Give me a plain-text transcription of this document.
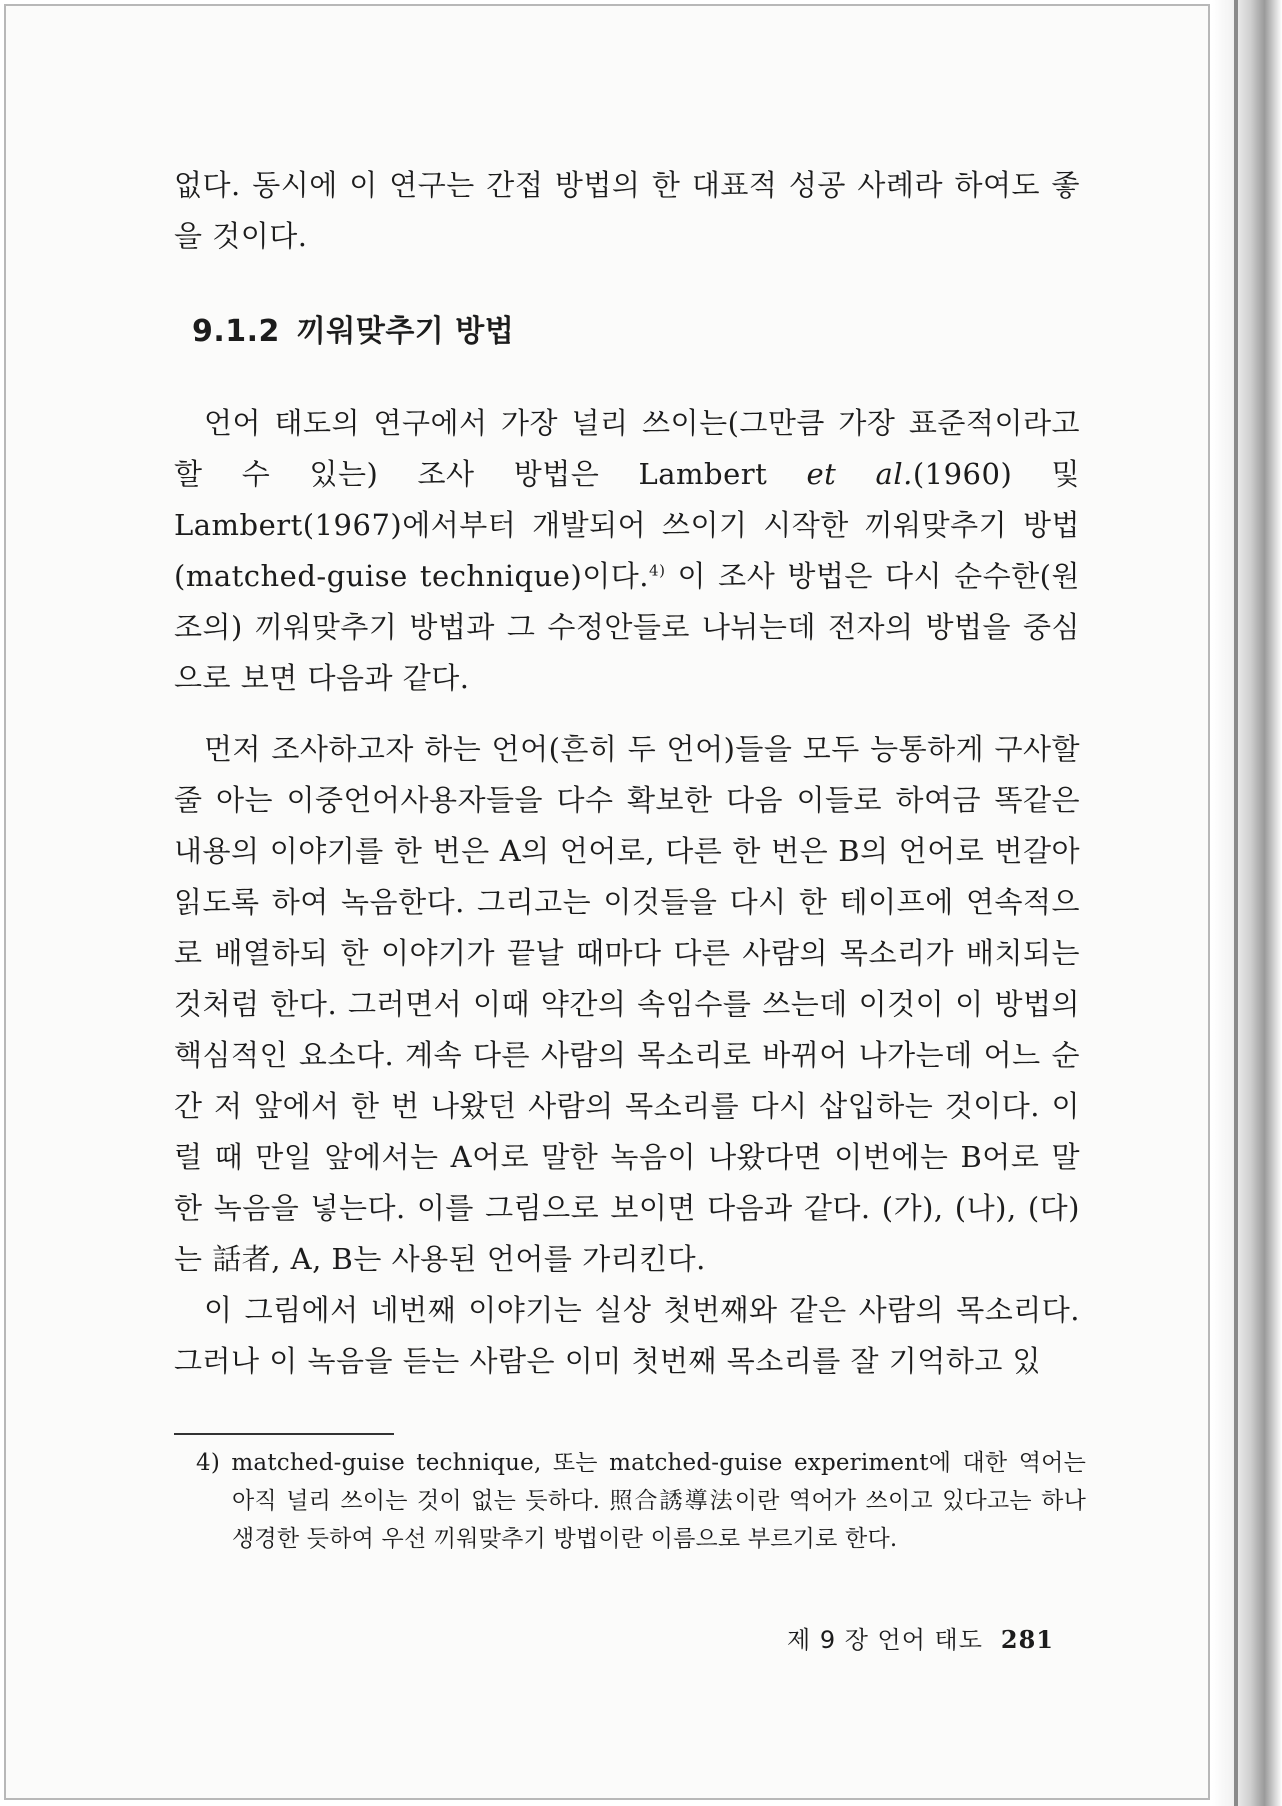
없다. 동시에 이 연구는 간접 방법의 한 대표적 성공 사례라 하여도 좋을 것이다.

9.1.2 끼워맞추기 방법

언어 태도의 연구에서 가장 널리 쓰이는(그만큼 가장 표준적이라고 할 수 있는) 조사 방법은 Lambert et al.(1960) 및 Lambert(1967)에서부터 개발되어 쓰이기 시작한 끼워맞추기 방법(matched-guise technique)이다.$^{4)}$ 이 조사 방법은 다시 순수한(원조의) 끼워맞추기 방법과 그 수정안들로 나뉘는데 전자의 방법을 중심으로 보면 다음과 같다.

먼저 조사하고자 하는 언어(흔히 두 언어)들을 모두 능통하게 구사할 줄 아는 이중언어사용자들을 다수 확보한 다음 이들로 하여금 똑같은 내용의 이야기를 한 번은 A의 언어로, 다른 한 번은 B의 언어로 번갈아 읽도록 하여 녹음한다. 그리고는 이것들을 다시 한 테이프에 연속적으로 배열하되 한 이야기가 끝날 때마다 다른 사람의 목소리가 배치되는 것처럼 한다. 그러면서 이때 약간의 속임수를 쓰는데 이것이 이 방법의 핵심적인 요소다. 계속 다른 사람의 목소리로 바뀌어 나가는데 어느 순간 저 앞에서 한 번 나왔던 사람의 목소리를 다시 삽입하는 것이다. 이럴 때 만일 앞에서는 A어로 말한 녹음이 나왔다면 이번에는 B어로 말한 녹음을 넣는다. 이를 그림으로 보이면 다음과 같다. (가), (나), (다)는 話者, A, B는 사용된 언어를 가리킨다.

이 그림에서 네번째 이야기는 실상 첫번째와 같은 사람의 목소리다. 그러나 이 녹음을 듣는 사람은 이미 첫번째 목소리를 잘 기억하고 있

4) matched-guise technique, 또는 matched-guise experiment에 대한 역어는 아직 널리 쓰이는 것이 없는 듯하다. 照合誘導法이란 역어가 쓰이고 있다고는 하나 생경한 듯하여 우선 끼워맞추기 방법이란 이름으로 부르기로 한다.
제 9 장 언어 태도 281
